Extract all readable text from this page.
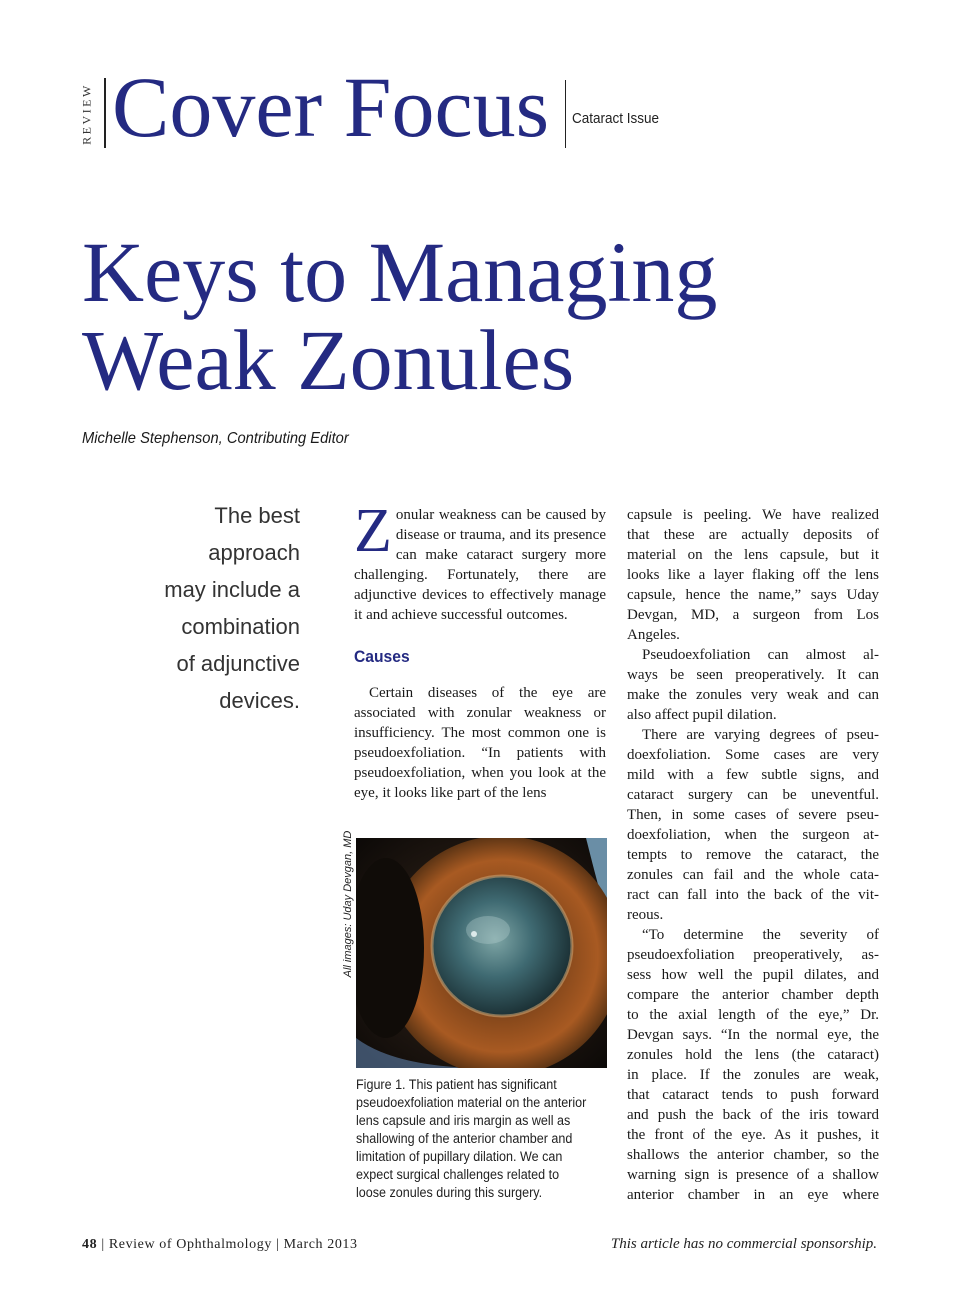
REVIEW Cover Focus Cataract Issue
Keys to Managing
Weak Zonules
Michelle Stephenson, Contributing Editor
The best
approach
may include a
combination
of adjunctive
devices.

Zonular weakness can be caused by disease or trauma, and its presence can make cataract surgery more challenging. Fortunately, there are adjunctive devices to effectively manage it and achieve successful outcomes.

Causes

Certain diseases of the eye are associated with zonular weakness or insufficiency. The most common one is pseudoexfoliation. “In patients with pseudoexfoliation, when you look at the eye, it looks like part of the lens

All images: Uday Devgan, MD

Figure 1. This patient has significant pseudoexfoliation material on the anterior lens capsule and iris margin as well as shallowing of the anterior chamber and limitation of pupillary dilation. We can expect surgical challenges related to loose zonules during this surgery.

capsule is peeling. We have realized

that these are actually deposits of

material on the lens capsule, but it

looks like a layer flaking off the lens

capsule, hence the name,” says Uday

Devgan, MD, a surgeon from Los

Angeles.

Pseudoexfoliation can almost al-

ways be seen preoperatively. It can

make the zonules very weak and can

also affect pupil dilation.

There are varying degrees of pseu-

doexfoliation. Some cases are very

mild with a few subtle signs, and

cataract surgery can be uneventful.

Then, in some cases of severe pseu-

doexfoliation, when the surgeon at-

tempts to remove the cataract, the

zonules can fail and the whole cata-

ract can fall into the back of the vit-

reous.

“To determine the severity of

pseudoexfoliation preoperatively, as-

sess how well the pupil dilates, and

compare the anterior chamber depth

to the axial length of the eye,” Dr.

Devgan says. “In the normal eye, the

zonules hold the lens (the cataract)

in place. If the zonules are weak,

that cataract tends to push forward

and push the back of the iris toward

the front of the eye. As it pushes, it

shallows the anterior chamber, so the

warning sign is presence of a shallow

anterior chamber in an eye where

48 | Review of Ophthalmology | March 2013	This article has no commercial sponsorship.
